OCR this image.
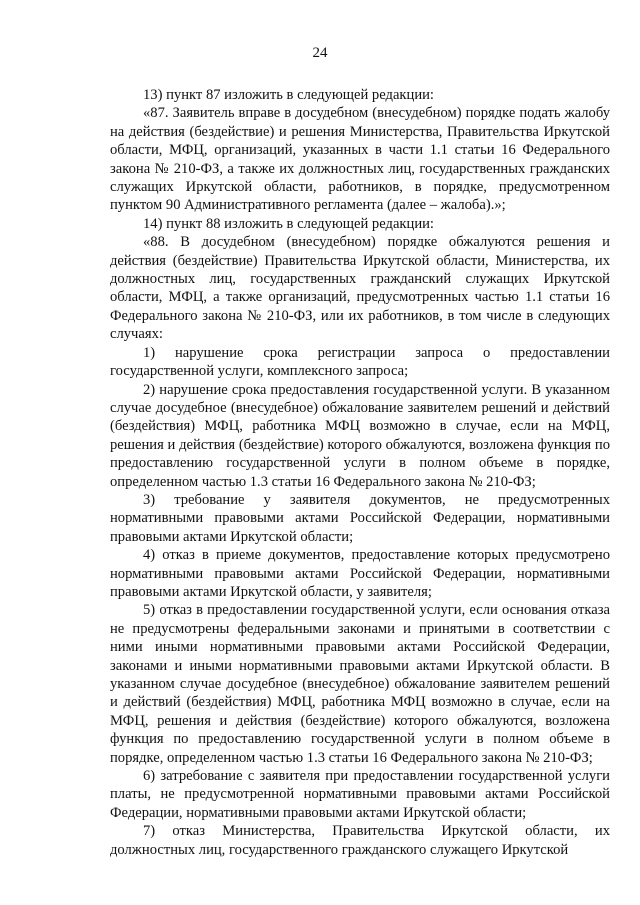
24

13) пункт 87 изложить в следующей редакции:

«87. Заявитель вправе в досудебном (внесудебном) порядке подать жалобу на действия (бездействие) и решения Министерства, Правительства Иркутской области, МФЦ, организаций, указанных в части 1.1 статьи 16 Федерального закона № 210-ФЗ, а также их должностных лиц, государственных гражданских служащих Иркутской области, работников, в порядке, предусмотренном пунктом 90 Административного регламента (далее – жалоба).»;

14) пункт 88 изложить в следующей редакции:

«88. В досудебном (внесудебном) порядке обжалуются решения и действия (бездействие) Правительства Иркутской области, Министерства, их должностных лиц, государственных гражданский служащих Иркутской области, МФЦ, а также организаций, предусмотренных частью 1.1 статьи 16 Федерального закона № 210-ФЗ, или их работников, в том числе в следующих случаях:

1) нарушение срока регистрации запроса о предоставлении государственной услуги, комплексного запроса;

2) нарушение срока предоставления государственной услуги. В указанном случае досудебное (внесудебное) обжалование заявителем решений и действий (бездействия) МФЦ, работника МФЦ возможно в случае, если на МФЦ, решения и действия (бездействие) которого обжалуются, возложена функция по предоставлению государственной услуги в полном объеме в порядке, определенном частью 1.3 статьи 16 Федерального закона № 210-ФЗ;

3) требование у заявителя документов, не предусмотренных нормативными правовыми актами Российской Федерации, нормативными правовыми актами Иркутской области;

4) отказ в приеме документов, предоставление которых предусмотрено нормативными правовыми актами Российской Федерации, нормативными правовыми актами Иркутской области, у заявителя;

5) отказ в предоставлении государственной услуги, если основания отказа не предусмотрены федеральными законами и принятыми в соответствии с ними иными нормативными правовыми актами Российской Федерации, законами и иными нормативными правовыми актами Иркутской области. В указанном случае досудебное (внесудебное) обжалование заявителем решений и действий (бездействия) МФЦ, работника МФЦ возможно в случае, если на МФЦ, решения и действия (бездействие) которого обжалуются, возложена функция по предоставлению государственной услуги в полном объеме в порядке, определенном частью 1.3 статьи 16 Федерального закона № 210-ФЗ;

6) затребование с заявителя при предоставлении государственной услуги платы, не предусмотренной нормативными правовыми актами Российской Федерации, нормативными правовыми актами Иркутской области;

7) отказ Министерства, Правительства Иркутской области, их должностных лиц, государственного гражданского служащего Иркутской
